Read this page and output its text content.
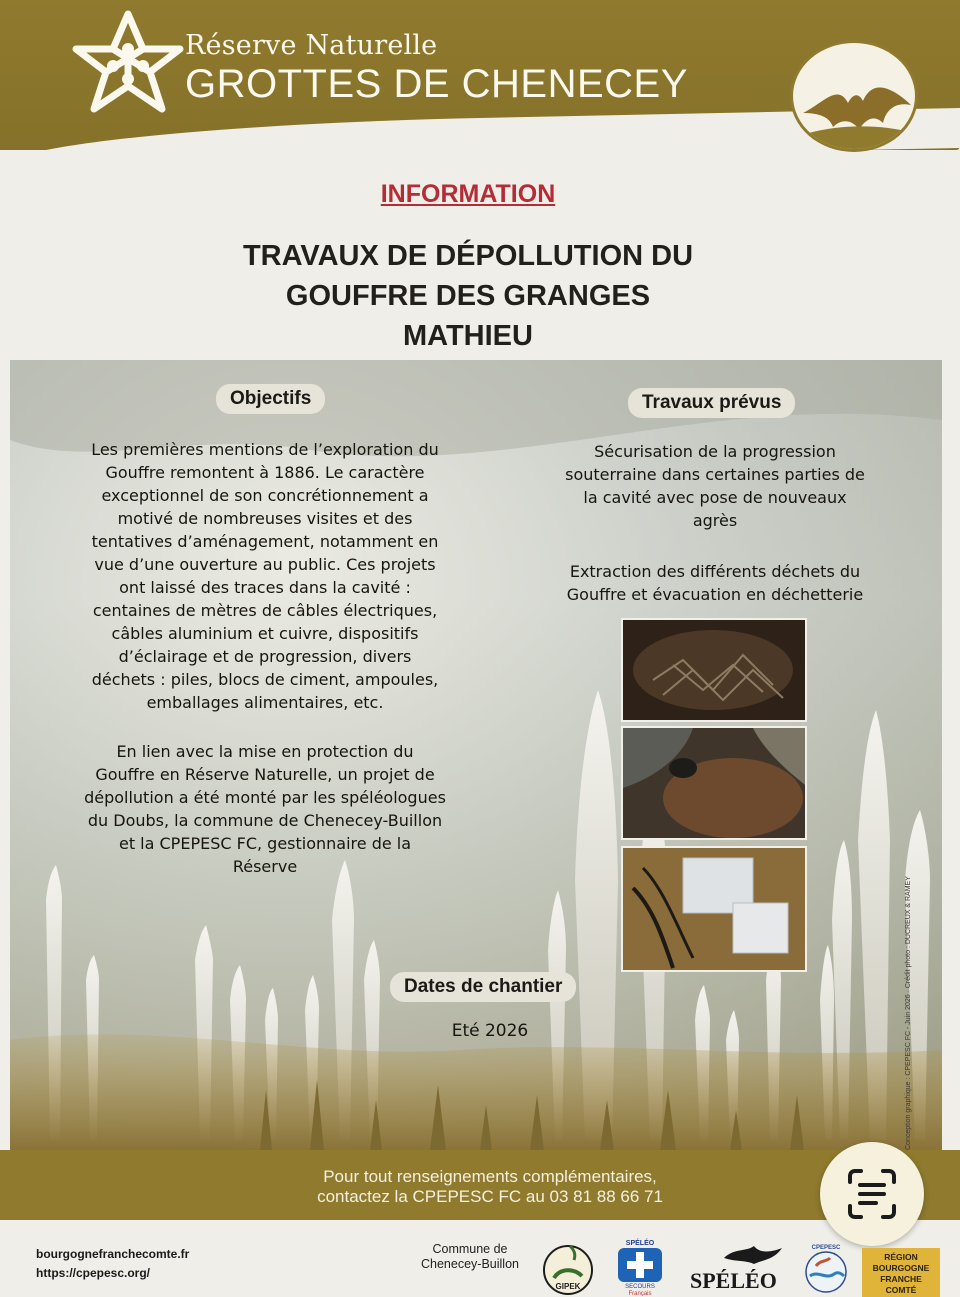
Réserve Naturelle
GROTTES DE CHENECEY
INFORMATION
TRAVAUX DE DÉPOLLUTION DU
GOUFFRE DES GRANGES
MATHIEU
Objectifs	Travaux prévus
Les premières mentions de l’exploration du
Gouffre remontent à 1886. Le caractère
exceptionnel de son concrétionnement a
motivé de nombreuses visites et des
tentatives d’aménagement, notamment en
vue d’une ouverture au public. Ces projets
ont laissé des traces dans la cavité :
centaines de mètres de câbles électriques,
câbles aluminium et cuivre, dispositifs
d’éclairage et de progression, divers
déchets : piles, blocs de ciment, ampoules,
emballages alimentaires, etc.
En lien avec la mise en protection du
Gouffre en Réserve Naturelle, un projet de
dépollution a été monté par les spéléologues
du Doubs, la commune de Chenecey-Buillon
et la CPEPESC FC, gestionnaire de la
Réserve
Sécurisation de la progression
souterraine dans certaines parties de
la cavité avec pose de nouveaux
agrès
Extraction des différents déchets du
Gouffre et évacuation en déchetterie
Dates de chantier
Eté 2026	Conception graphique : CPEPESC FC - Juin 2026 · Crédit photo : DUCREUX & RAMEY
Pour tout renseignements complémentaires,
contactez la CPEPESC FC au 03 81 88 66 71
bourgognefranchecomte.fr
https://cpepesc.org/
Commune de
Chenecey-Buillon
GIPEK
SPÉLÉO
SECOURS
Français
SPÉLÉO
CPEPESC
RÉGION
BOURGOGNE
FRANCHE
COMTÉ
